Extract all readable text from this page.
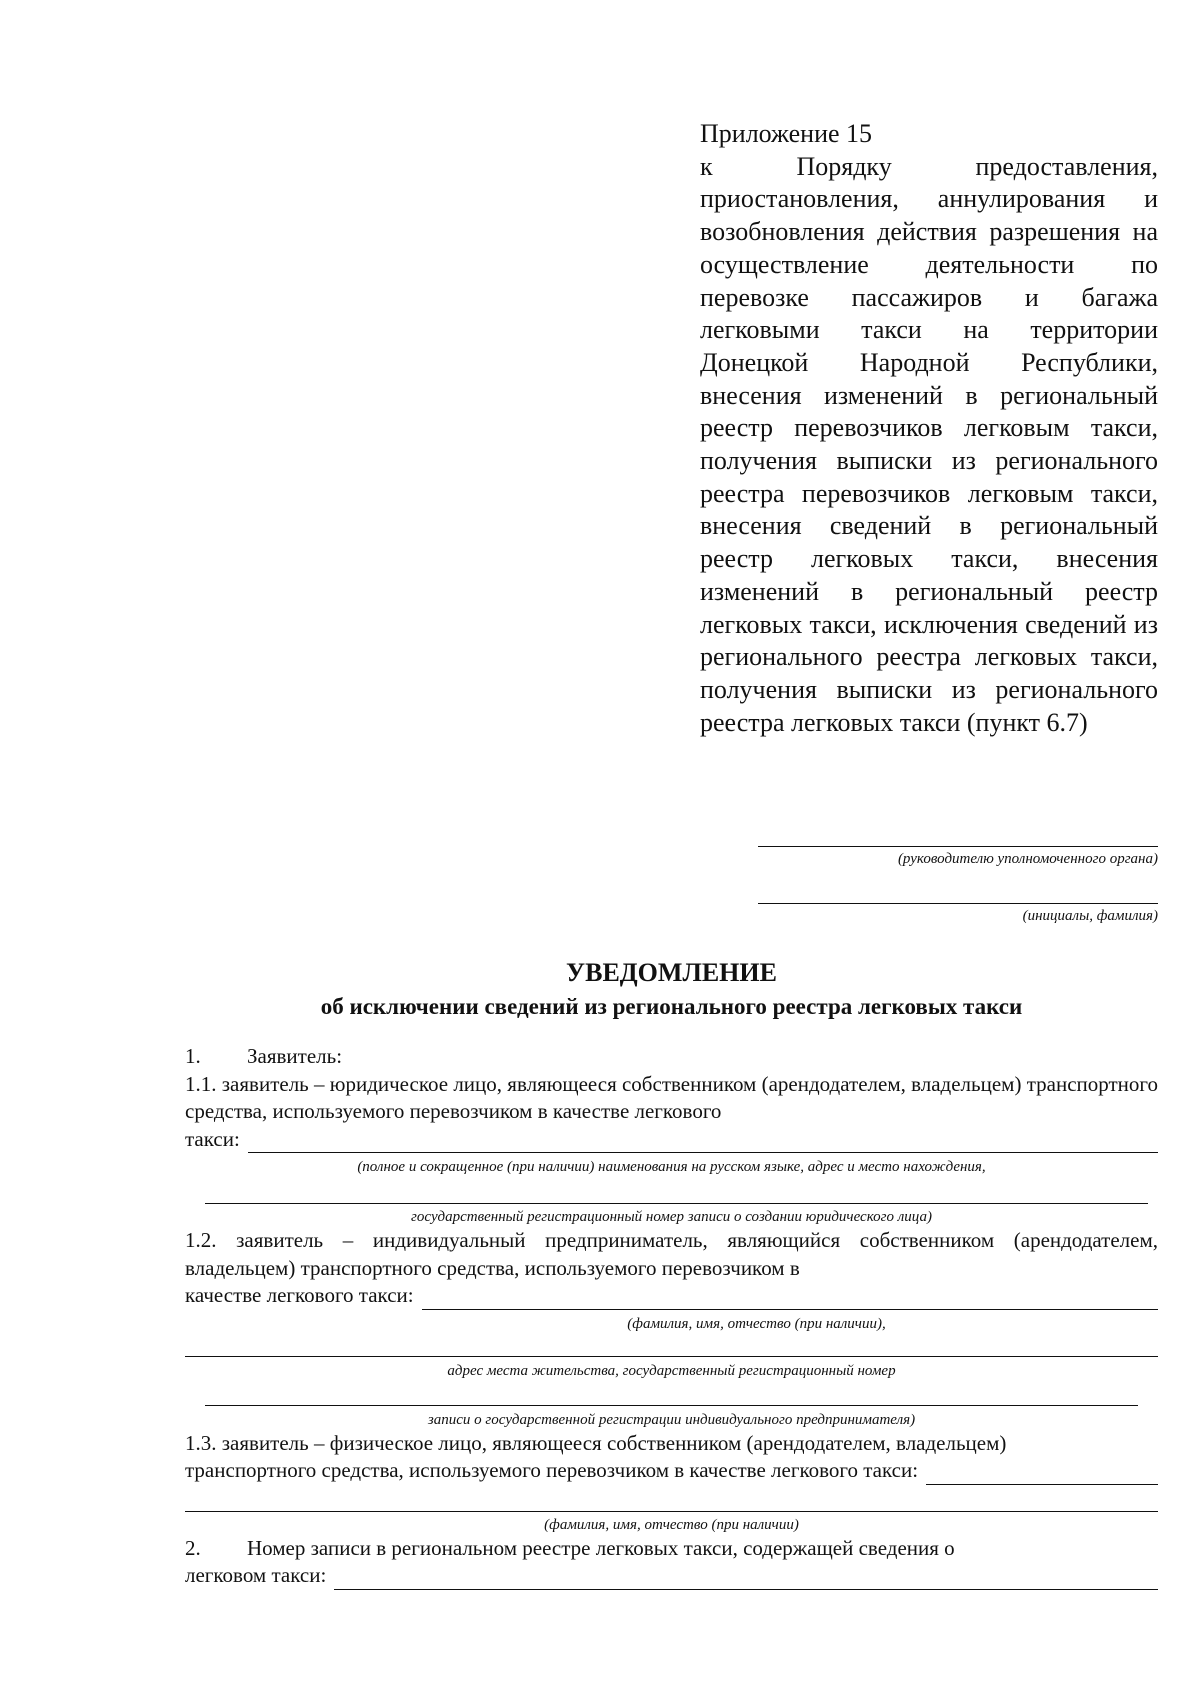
Приложение 15
к Порядку предоставления, приостановления, аннулирования и возобновления действия разрешения на осуществление деятельности по перевозке пассажиров и багажа легковыми такси на территории Донецкой Народной Республики, внесения изменений в региональный реестр перевозчиков легковым такси, получения выписки из регионального реестра перевозчиков легковым такси, внесения сведений в региональный реестр легковых такси, внесения изменений в региональный реестр легковых такси, исключения сведений из регионального реестра легковых такси, получения выписки из регионального реестра легковых такси (пункт 6.7)
(руководителю уполномоченного органа)
(инициалы, фамилия)
УВЕДОМЛЕНИЕ
об исключении сведений из регионального реестра легковых такси
1. Заявитель:
1.1. заявитель – юридическое лицо, являющееся собственником (арендодателем, владельцем) транспортного средства, используемого перевозчиком в качестве легкового
такси:
(полное и сокращенное (при наличии) наименования на русском языке, адрес и место нахождения,
государственный регистрационный номер записи о создании юридического лица)
1.2. заявитель – индивидуальный предприниматель, являющийся собственником (арендодателем, владельцем) транспортного средства, используемого перевозчиком в
качестве легкового такси:
(фамилия, имя, отчество (при наличии),
адрес места жительства, государственный регистрационный номер
записи о государственной регистрации индивидуального предпринимателя)
1.3. заявитель – физическое лицо, являющееся собственником (арендодателем, владельцем)
транспортного средства, используемого перевозчиком в качестве легкового такси:
(фамилия, имя, отчество (при наличии)
2. Номер записи в региональном реестре легковых такси, содержащей сведения о
легковом такси:
